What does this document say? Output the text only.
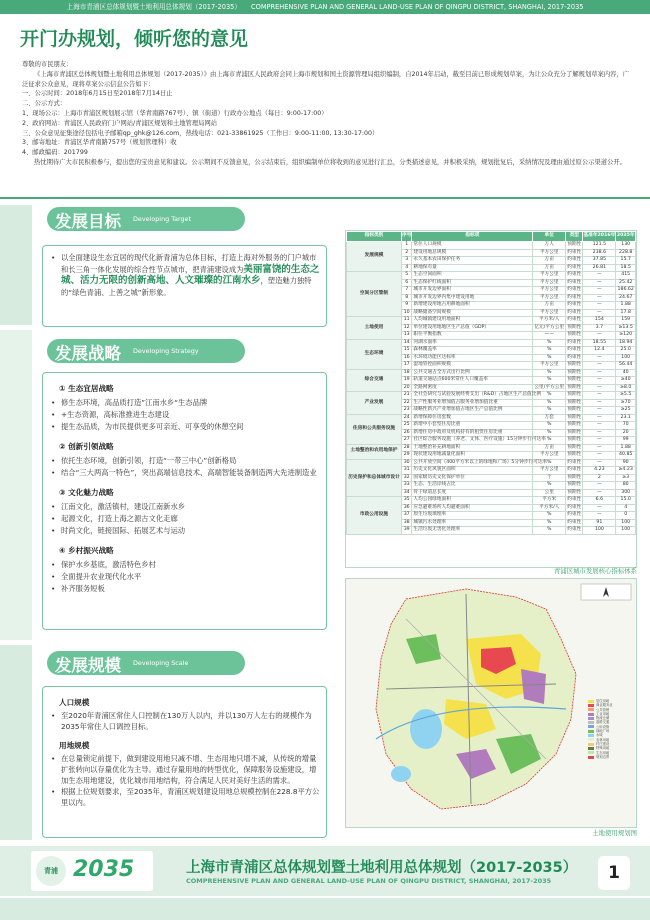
上海市青浦区总体规划暨土地利用总体规划（2017-2035） COMPREHENSIVE PLAN AND GENERAL LAND-USE PLAN OF QINGPU DISTRICT, SHANGHAI, 2017-2035
开门办规划，倾听您的意见
尊敬的市民朋友：
《上海市青浦区总体规划暨土地利用总体规划（2017-2035）》由上海市青浦区人民政府会同上海市规划和国土资源管理局组织编制，自2014年启动，截至目前已形成规划草案，为让公众充分了解规划草案内容，广泛征求公众意见，现将草案公示信息公告如下：
一、公示时间：2018年6月15日至2018年7月14日止
二、公示方式：
1、现场公示：上海市青浦区规划展示馆（华青南路767号）、镇（街道）行政办公地点（每日：9:00-17:00）
2、政府网站：青浦区人民政府门户网站/青浦区规划和土地管理局网站
三、公众意见征集途径包括电子邮箱qp_ghk@126.com，热线电话：021-33861925（工作日：9:00-11:00, 13:30-17:00）
3、邮寄地址：青浦区华青南路757号（规划管理科）收
4、邮政编码：201799
热忱期待广大市民积极参与，提出您的宝贵意见和建议。公示期间不反馈意见，公示结束后，组织编制单位将收到的意见进行汇总，分类描述意见，并积极采纳，规划批复后，采纳情况及理由通过原公示渠道公开。
发展目标 Developing Target
• 以全面建设生态宜居的现代化新青浦为总体目标，打造上海对外服务的门户城市和长三角一体化发展的综合性节点城市，把青浦建设成为美丽富饶的生态之城、活力无限的创新高地、人文璀璨的江南水乡，塑造魅力独特的“绿色青浦、上善之城”新形象。
发展战略 Developing Strategy
① 生态宜居战略
• 修生态环境，高品质打造”江南水乡“生态品牌
• +生态资源，高标准推进生态建设
• 提生态品质，为市民提供更多可亲近、可享受的休憩空间
② 创新引领战略
• 依托生态环境，创新引领，打造“一带三中心”创新格局
• 结合“三大两高一特色”，突出高端信息技术、高端智能装备制造两大先进制造业
③ 文化魅力战略
• 江南文化，激活镇村，建设江南新水乡
• 起源文化，打造上海之源古文化走廊
• 时尚文化，链接国际、拓展艺术与运动
④ 乡村振兴战略
• 保护水乡基底，激活特色乡村
• 全面提升农业现代化水平
• 补齐服务短板
发展规模 Developing Scale
人口规模
• 至2020年青浦区常住人口控制在130万人以内，并以130万人左右的规模作为2035年常住人口调控目标。
用地规模
• 在总量锁定前提下，做到建设用地只减不增、生态用地只增不减，从传统的增量扩张转向以存量优化为主导。通过存量用地的转型优化，保障服务设施建设，增加生态用地建设，优化城市用地结构，符合满足人民对美好生活的需求。
• 根据上位规划要求，至2035年，青浦区规划建设用地总规模控制在228.8平方公里以内。
指标类别	序号	指标项	单位	类型	基准年2016年	2035年
发展规模	1	常住人口规模	万人	预期性	121.5	130
	2	建设用地总规模	平方公里	约束性	238.6	228.8
	3	永久基本农田保护任务	万亩	约束性	37.85	15.7
	4	耕地保有量	万亩	约束性	26.81	18.5
空间分区管制	5	生态空间面积	平方公里	约束性	—	415
	6	生态保护红线面积	平方公里	约束性	—	25.42
	7	城市开发边界面积	平方公里	约束性	—	186.62
	8	城市开发边界内集中建设用地	平方公里	约束性	—	24.67
	9	新增建设用地占用耕地面积	万亩	约束性	—	1.88
	10	战略储备空间规模	平方公里	约束性	—	17.8
土地使用	11	人均城镇建设用地面积	平方米/人	约束性	154	159
	12	单位建设用地地区生产总值（GDP）	亿元/平方公里	预期性	3.7	≥13.5
	13	职住平衡指数	——	预期性	—	≥120
生态环境	14	河湖水面率	%	约束性	18.55	18.94
	15	森林覆盖率	%	约束性	12.4	25.0
	16	水环境功能区达标率	%	约束性	—	100
	17	湿地管控面积规模	平方公里	预期性	—	56.44
综合交通	18	公共交通占全方式出行比例	%	预期性	—	40
	19	轨道交通站点600米常住人口覆盖率	%	预期性	—	≥40
	20	全路网密度	公里/平方公里	预期性	—	≥8.0
产业发展	21	全社会研究与试验发展经费支出（R&D）占地区生产总值比例	%	预期性	—	≥5.5
	22	生产性服务业增加值占服务业增加值比重	%	预期性	—	≥70
	23	战略性新兴产业增加值占地区生产总值比例	%	预期性	—	≥25
住房和公共服务设施	24	新增保障住房套数	万套	预期性	—	23.1
	25	新增中小套型住房比重	%	预期性	—	70
	26	新增住房中政府及机构持有的租赁住房比重	%	预期性	—	20
	27	社区综合服务设施（养老、文体、医疗设施）15分钟步行可达率	%	预期性	—	99
土地整治和农用地保护	28	土地整治补充耕地面积	万亩	预期性	—	1.88
	29	现状建设用地减量化面积	平方公里	预期性	—	40.85
历史保护和总体城市设计	30	公共开放空间（400平方米以上的绿地和广场）5分钟步行可达率	%	约束性	—	90
	31	历史文化风貌区面积	平方公里	约束性	4.23	≥4.23
	32	国家级历史文化保护单位	个	预期性	2	≥3
	33	生态、生活岸线占比	%	预期性	—	80
	34	骨干绿道总长度	公里	预期性	—	300
市政公用设施	35	人均公园绿地面积	平方米	约束性	6.6	15.0
	36	应急避难场所人均避难面积	平方米/人	约束性	—	4
	37	原生垃圾填埋率	%	约束性	—	0
	38	城镇污水处理率	%	约束性	91	100
	39	生活垃圾无害化处理率	%	约束性	100	100
青浦区城市发展核心指标体系
居住用地
商业服务业
公共管理
工业用地
物流仓储
道路交通
公用设施
绿地广场
水域
农林用地
村庄建设
特殊用地
生态用地
规划边界
土地使用规划图
青浦 2035	上海市青浦区总体规划暨土地利用总体规划（2017-2035）
COMPREHENSIVE PLAN AND GENERAL LAND-USE PLAN OF QINGPU DISTRICT, SHANGHAI, 2017-2035	1
